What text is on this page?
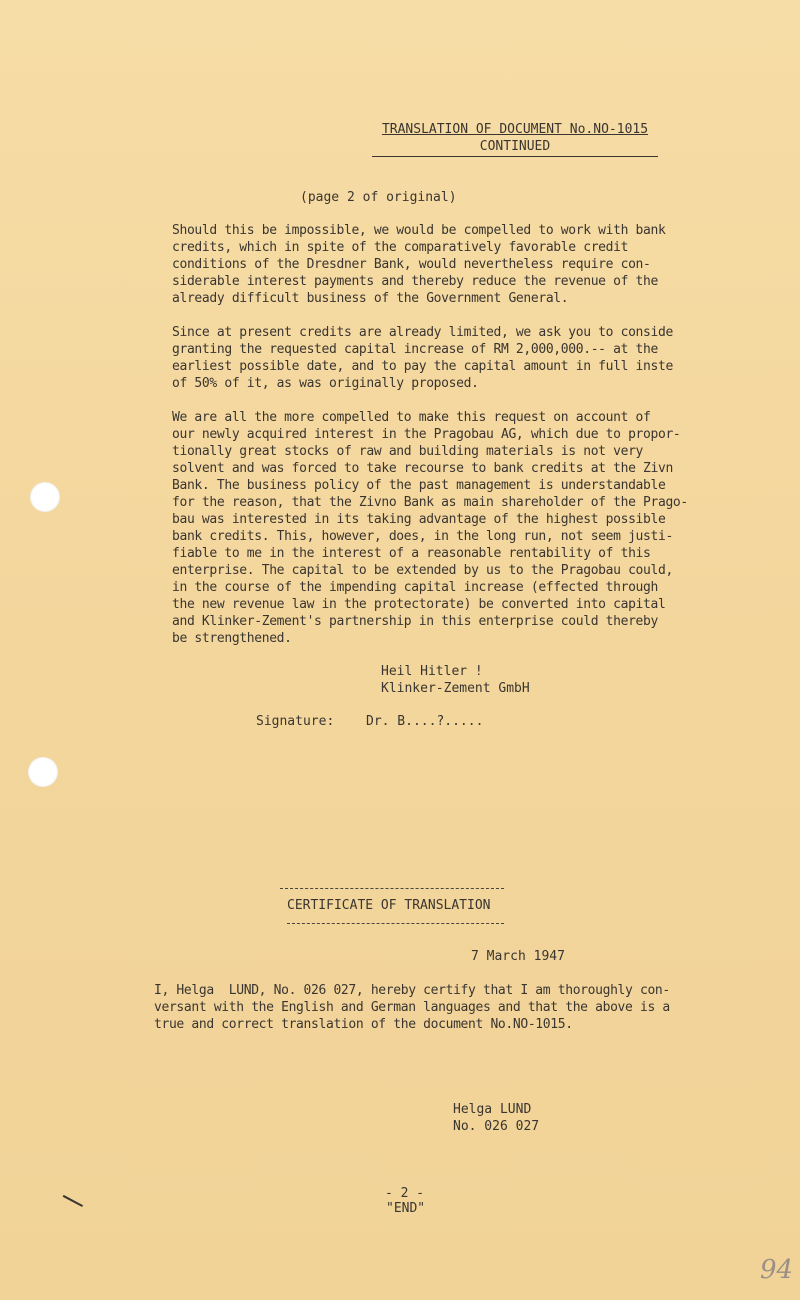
TRANSLATION OF DOCUMENT No.NO-1015
CONTINUED
(page 2 of original)
Should this be impossible, we would be compelled to work with bank
credits, which in spite of the comparatively favorable credit
conditions of the Dresdner Bank, would nevertheless require con-
siderable interest payments and thereby reduce the revenue of the
already difficult business of the Government General.
Since at present credits are already limited, we ask you to conside
granting the requested capital increase of RM 2,000,000.-- at the
earliest possible date, and to pay the capital amount in full inste
of 50% of it, as was originally proposed.
We are all the more compelled to make this request on account of
our newly acquired interest in the Pragobau AG, which due to propor-
tionally great stocks of raw and building materials is not very
solvent and was forced to take recourse to bank credits at the Zivn
Bank. The business policy of the past management is understandable
for the reason, that the Zivno Bank as main shareholder of the Prago-
bau was interested in its taking advantage of the highest possible
bank credits. This, however, does, in the long run, not seem justi-
fiable to me in the interest of a reasonable rentability of this
enterprise. The capital to be extended by us to the Pragobau could,
in the course of the impending capital increase (effected through
the new revenue law in the protectorate) be converted into capital
and Klinker-Zement's partnership in this enterprise could thereby
be strengthened.
Heil Hitler !
Klinker-Zement GmbH
Signature: Dr. B....?.....
CERTIFICATE OF TRANSLATION
7 March 1947
I, Helga  LUND, No. 026 027, hereby certify that I am thoroughly con-
versant with the English and German languages and that the above is a
true and correct translation of the document No.NO-1015.
Helga LUND
No. 026 027
- 2 -
"END"
94
